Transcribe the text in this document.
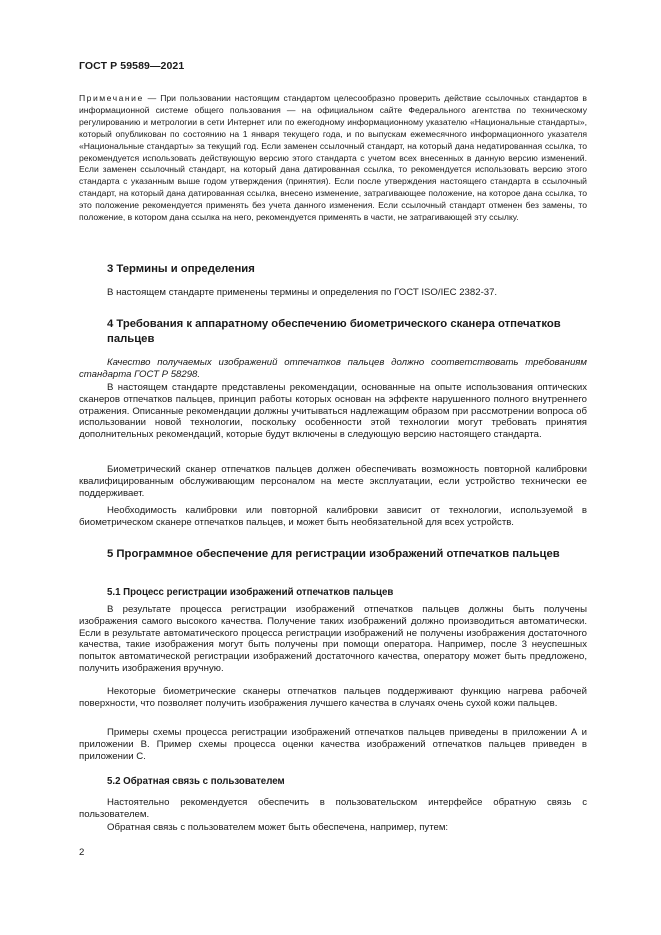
ГОСТ Р 59589—2021
Примечание — При пользовании настоящим стандартом целесообразно проверить действие ссылочных стандартов в информационной системе общего пользования — на официальном сайте Федерального агентства по техническому регулированию и метрологии в сети Интернет или по ежегодному информационному указателю «Национальные стандарты», который опубликован по состоянию на 1 января текущего года, и по выпускам ежемесячного информационного указателя «Национальные стандарты» за текущий год. Если заменен ссылочный стандарт, на который дана недатированная ссылка, то рекомендуется использовать действующую версию этого стандарта с учетом всех внесенных в данную версию изменений. Если заменен ссылочный стандарт, на который дана датированная ссылка, то рекомендуется использовать версию этого стандарта с указанным выше годом утверждения (принятия). Если после утверждения настоящего стандарта в ссылочный стандарт, на который дана датированная ссылка, внесено изменение, затрагивающее положение, на которое дана ссылка, то это положение рекомендуется применять без учета данного изменения. Если ссылочный стандарт отменен без замены, то положение, в котором дана ссылка на него, рекомендуется применять в части, не затрагивающей эту ссылку.
3 Термины и определения

В настоящем стандарте применены термины и определения по ГОСТ ISO/IEC 2382-37.

4 Требования к аппаратному обеспечению биометрического сканера отпечатков пальцев

Качество получаемых изображений отпечатков пальцев должно соответствовать требованиям стандарта ГОСТ Р 58298.

В настоящем стандарте представлены рекомендации, основанные на опыте использования оптических сканеров отпечатков пальцев, принцип работы которых основан на эффекте нарушенного полного внутреннего отражения. Описанные рекомендации должны учитываться надлежащим образом при рассмотрении вопроса об использовании новой технологии, поскольку особенности этой технологии могут требовать принятия дополнительных рекомендаций, которые будут включены в следующую версию настоящего стандарта.

Биометрический сканер отпечатков пальцев должен обеспечивать возможность повторной калибровки квалифицированным обслуживающим персоналом на месте эксплуатации, если устройство технически ее поддерживает.

Необходимость калибровки или повторной калибровки зависит от технологии, используемой в биометрическом сканере отпечатков пальцев, и может быть необязательной для всех устройств.

5 Программное обеспечение для регистрации изображений отпечатков пальцев
5.1 Процесс регистрации изображений отпечатков пальцев

В результате процесса регистрации изображений отпечатков пальцев должны быть получены изображения самого высокого качества. Получение таких изображений должно производиться автоматически. Если в результате автоматического процесса регистрации изображений не получены изображения достаточного качества, такие изображения могут быть получены при помощи оператора. Например, после 3 неуспешных попыток автоматической регистрации изображений достаточного качества, оператору может быть предложено, получить изображения вручную.

Некоторые биометрические сканеры отпечатков пальцев поддерживают функцию нагрева рабочей поверхности, что позволяет получить изображения лучшего качества в случаях очень сухой кожи пальцев.

Примеры схемы процесса регистрации изображений отпечатков пальцев приведены в приложении А и приложении В. Пример схемы процесса оценки качества изображений отпечатков пальцев приведен в приложении С.

5.2 Обратная связь с пользователем

Настоятельно рекомендуется обеспечить в пользовательском интерфейсе обратную связь с пользователем.

Обратная связь с пользователем может быть обеспечена, например, путем:

2
